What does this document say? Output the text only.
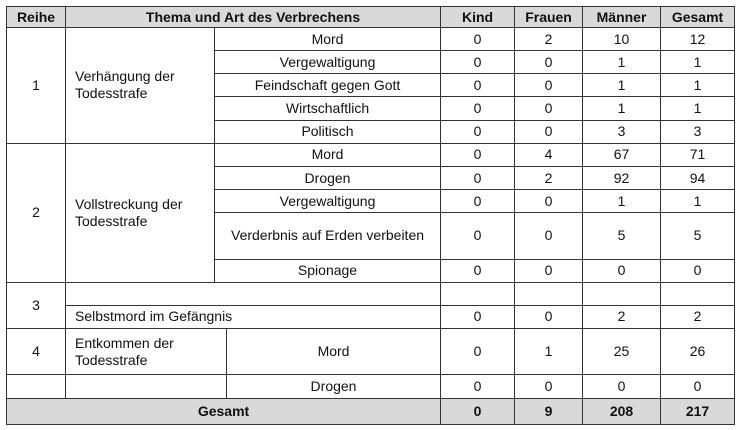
Reihe	Thema und Art des Verbrechens			Kind	Frauen	Männer	Gesamt
1	Verhängung der Todesstrafe	Mord		0	2	10	12
		Vergewaltigung		0	0	1	1
		Feindschaft gegen Gott		0	0	1	1
		Wirtschaftlich		0	0	1	1
		Politisch		0	0	3	3
2	Vollstreckung der Todesstrafe	Mord		0	4	67	71
		Drogen		0	2	92	94
		Vergewaltigung		0	0	1	1
		Verderbnis auf Erden verbeiten		0	0	5	5
		Spionage		0	0	0	0
3							
	Selbstmord im Gefängnis			0	0	2	2
4	Entkommen der Todesstrafe		Mord	0	1	25	26
			Drogen	0	0	0	0
Gesamt				0	9	208	217
